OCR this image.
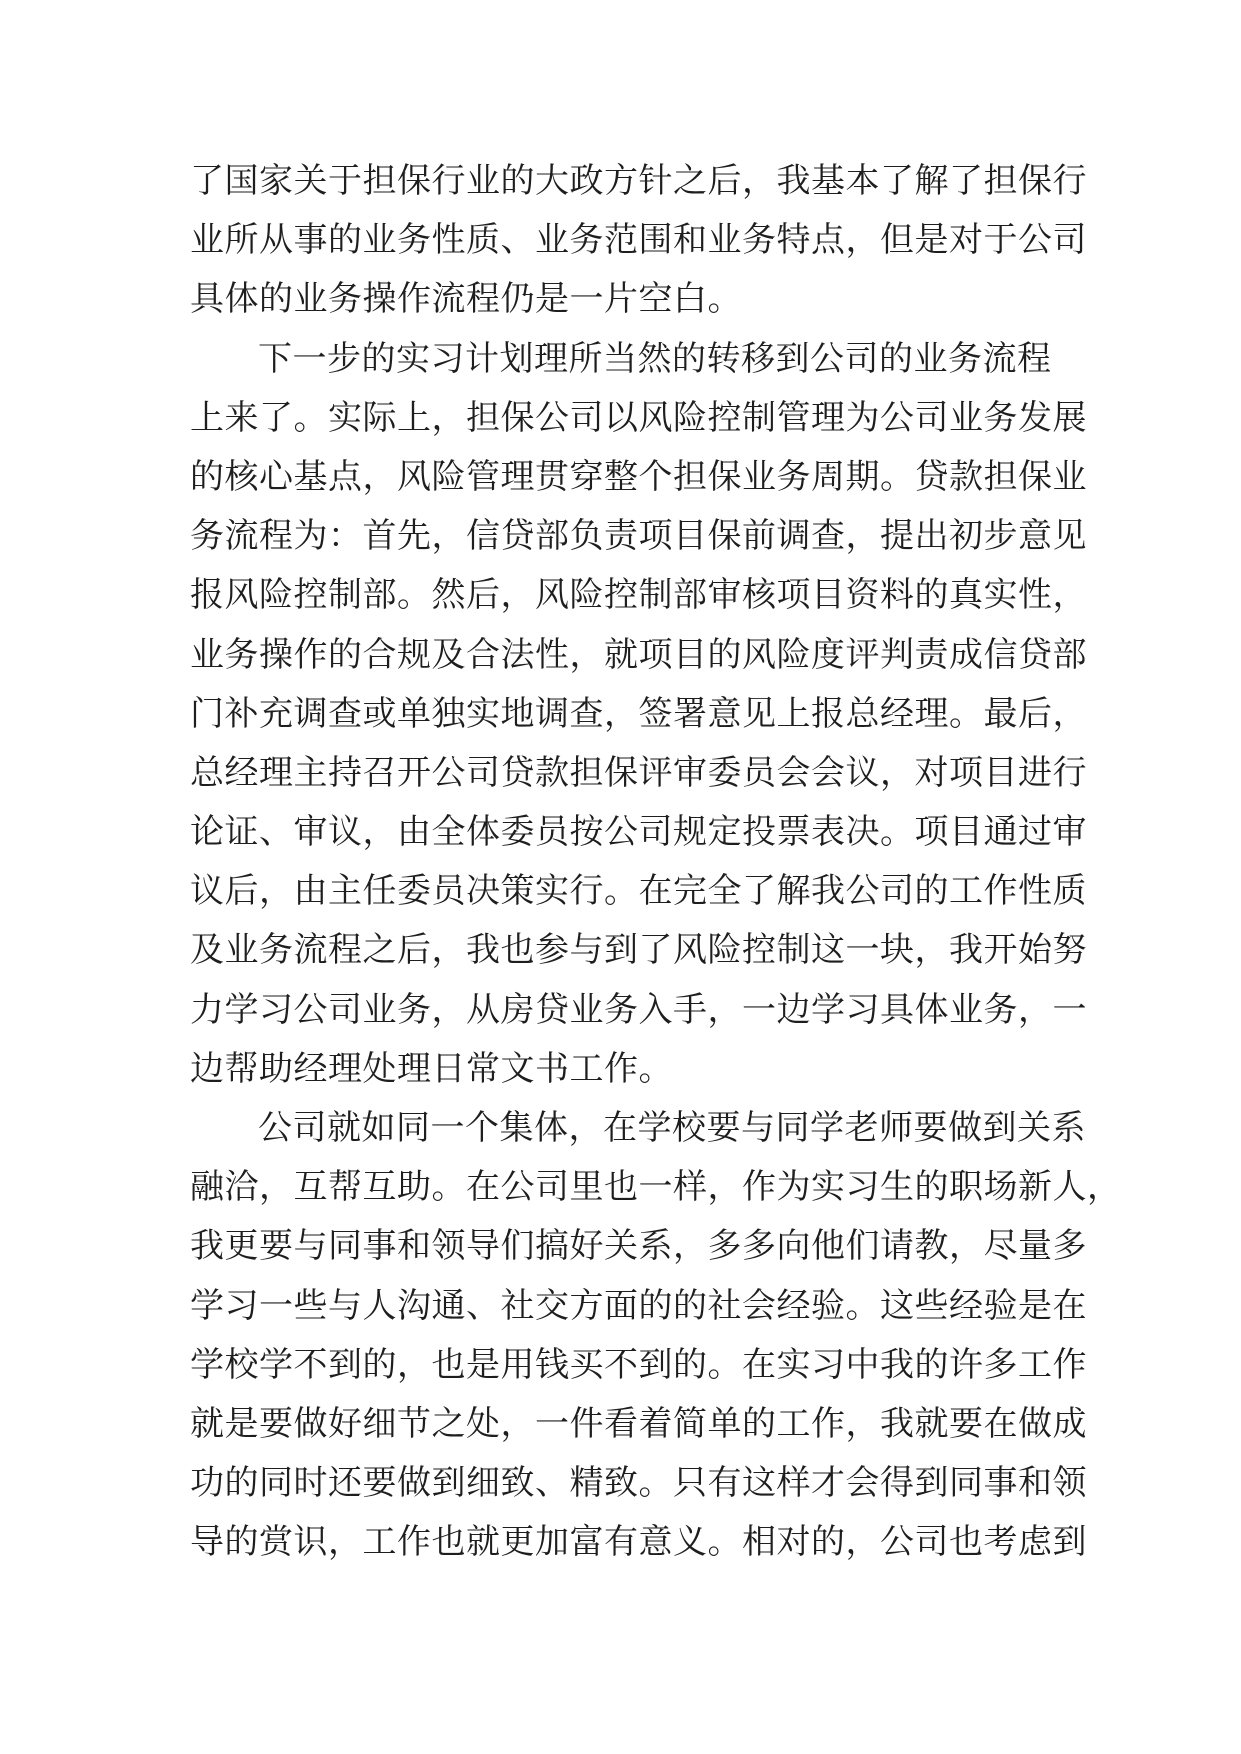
了国家关于担保行业的大政方针之后，我基本了解了担保行
业所从事的业务性质、业务范围和业务特点，但是对于公司
具体的业务操作流程仍是一片空白。
下一步的实习计划理所当然的转移到公司的业务流程
上来了。实际上，担保公司以风险控制管理为公司业务发展
的核心基点，风险管理贯穿整个担保业务周期。贷款担保业
务流程为：首先，信贷部负责项目保前调查，提出初步意见
报风险控制部。然后，风险控制部审核项目资料的真实性，
业务操作的合规及合法性，就项目的风险度评判责成信贷部
门补充调查或单独实地调查，签署意见上报总经理。最后，
总经理主持召开公司贷款担保评审委员会会议，对项目进行
论证、审议，由全体委员按公司规定投票表决。项目通过审
议后，由主任委员决策实行。在完全了解我公司的工作性质
及业务流程之后，我也参与到了风险控制这一块，我开始努
力学习公司业务，从房贷业务入手，一边学习具体业务，一
边帮助经理处理日常文书工作。
公司就如同一个集体，在学校要与同学老师要做到关系
融洽，互帮互助。在公司里也一样，作为实习生的职场新人，
我更要与同事和领导们搞好关系，多多向他们请教，尽量多
学习一些与人沟通、社交方面的的社会经验。这些经验是在
学校学不到的，也是用钱买不到的。在实习中我的许多工作
就是要做好细节之处，一件看着简单的工作，我就要在做成
功的同时还要做到细致、精致。只有这样才会得到同事和领
导的赏识，工作也就更加富有意义。相对的，公司也考虑到
